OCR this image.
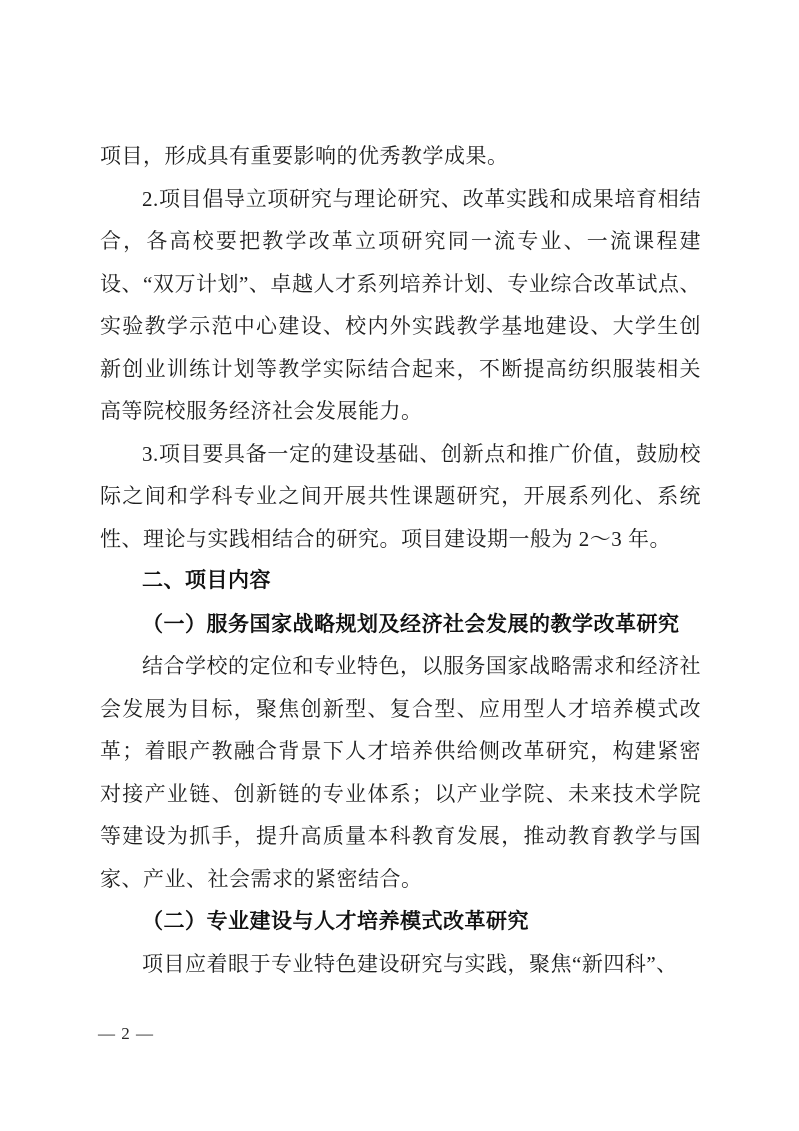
项目，形成具有重要影响的优秀教学成果。

2.项目倡导立项研究与理论研究、改革实践和成果培育相结合，各高校要把教学改革立项研究同一流专业、一流课程建设、“双万计划”、卓越人才系列培养计划、专业综合改革试点、实验教学示范中心建设、校内外实践教学基地建设、大学生创新创业训练计划等教学实际结合起来，不断提高纺织服装相关高等院校服务经济社会发展能力。

3.项目要具备一定的建设基础、创新点和推广价值，鼓励校际之间和学科专业之间开展共性课题研究，开展系列化、系统性、理论与实践相结合的研究。项目建设期一般为 2～3 年。

二、项目内容
（一）服务国家战略规划及经济社会发展的教学改革研究

结合学校的定位和专业特色，以服务国家战略需求和经济社会发展为目标，聚焦创新型、复合型、应用型人才培养模式改革；着眼产教融合背景下人才培养供给侧改革研究，构建紧密对接产业链、创新链的专业体系；以产业学院、未来技术学院等建设为抓手，提升高质量本科教育发展，推动教育教学与国家、产业、社会需求的紧密结合。

（二）专业建设与人才培养模式改革研究

项目应着眼于专业特色建设研究与实践，聚焦“新四科”、

— 2 —
